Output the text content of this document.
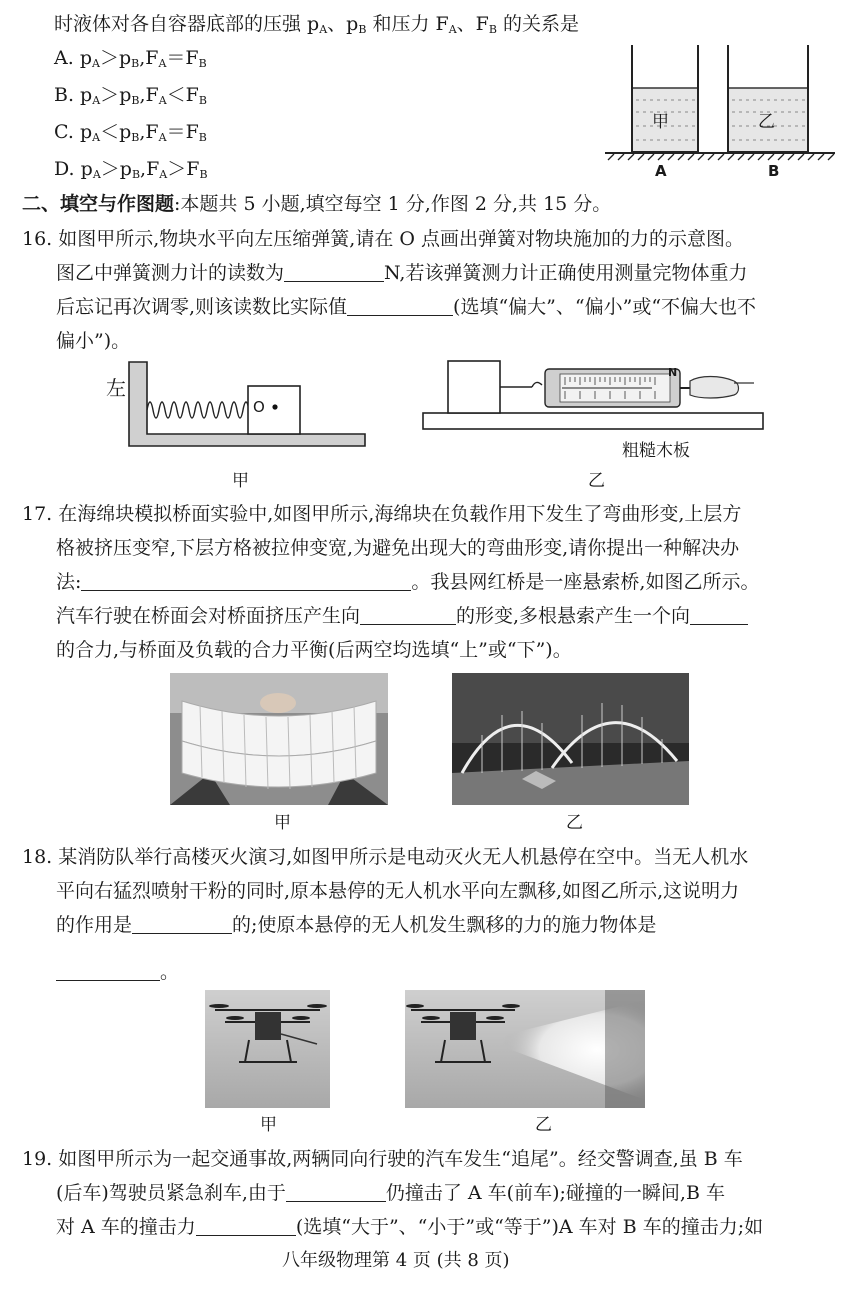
时液体对各自容器底部的压强 $p_A$、$p_B$ 和压力 $F_A$、$F_B$ 的关系是
A. $p_A>p_B,F_A=F_B$
B. $p_A>p_B,F_A<F_B$
C. $p_A<p_B,F_A=F_B$
D. $p_A>p_B,F_A>F_B$
甲	乙
A	B
二、填空与作图题:本题共 5 小题,填空每空 1 分,作图 2 分,共 15 分。
16. 如图甲所示,物块水平向左压缩弹簧,请在 O 点画出弹簧对物块施加的力的示意图。
图乙中弹簧测力计的读数为	N,若该弹簧测力计正确使用测量完物体重力
后忘记再次调零,则该读数比实际值	(选填“偏大”、“偏小”或“不偏大也不
偏小”)。
左
O
N
粗糙木板
甲	乙
17. 在海绵块模拟桥面实验中,如图甲所示,海绵块在负载作用下发生了弯曲形变,上层方
格被挤压变窄,下层方格被拉伸变宽,为避免出现大的弯曲形变,请你提出一种解决办
法:	。我县网红桥是一座悬索桥,如图乙所示。
汽车行驶在桥面会对桥面挤压产生向	的形变,多根悬索产生一个向
的合力,与桥面及负载的合力平衡(后两空均选填“上”或“下”)。
甲	乙
18. 某消防队举行高楼灭火演习,如图甲所示是电动灭火无人机悬停在空中。当无人机水
平向右猛烈喷射干粉的同时,原本悬停的无人机水平向左飘移,如图乙所示,这说明力
的作用是	的;使原本悬停的无人机发生飘移的力的施力物体是
。
甲	乙
19. 如图甲所示为一起交通事故,两辆同向行驶的汽车发生“追尾”。经交警调查,虽 B 车
(后车)驾驶员紧急刹车,由于	仍撞击了 A 车(前车);碰撞的一瞬间,B 车
对 A 车的撞击力	(选填“大于”、“小于”或“等于”)A 车对 B 车的撞击力;如
八年级物理第 4 页 (共 8 页)
